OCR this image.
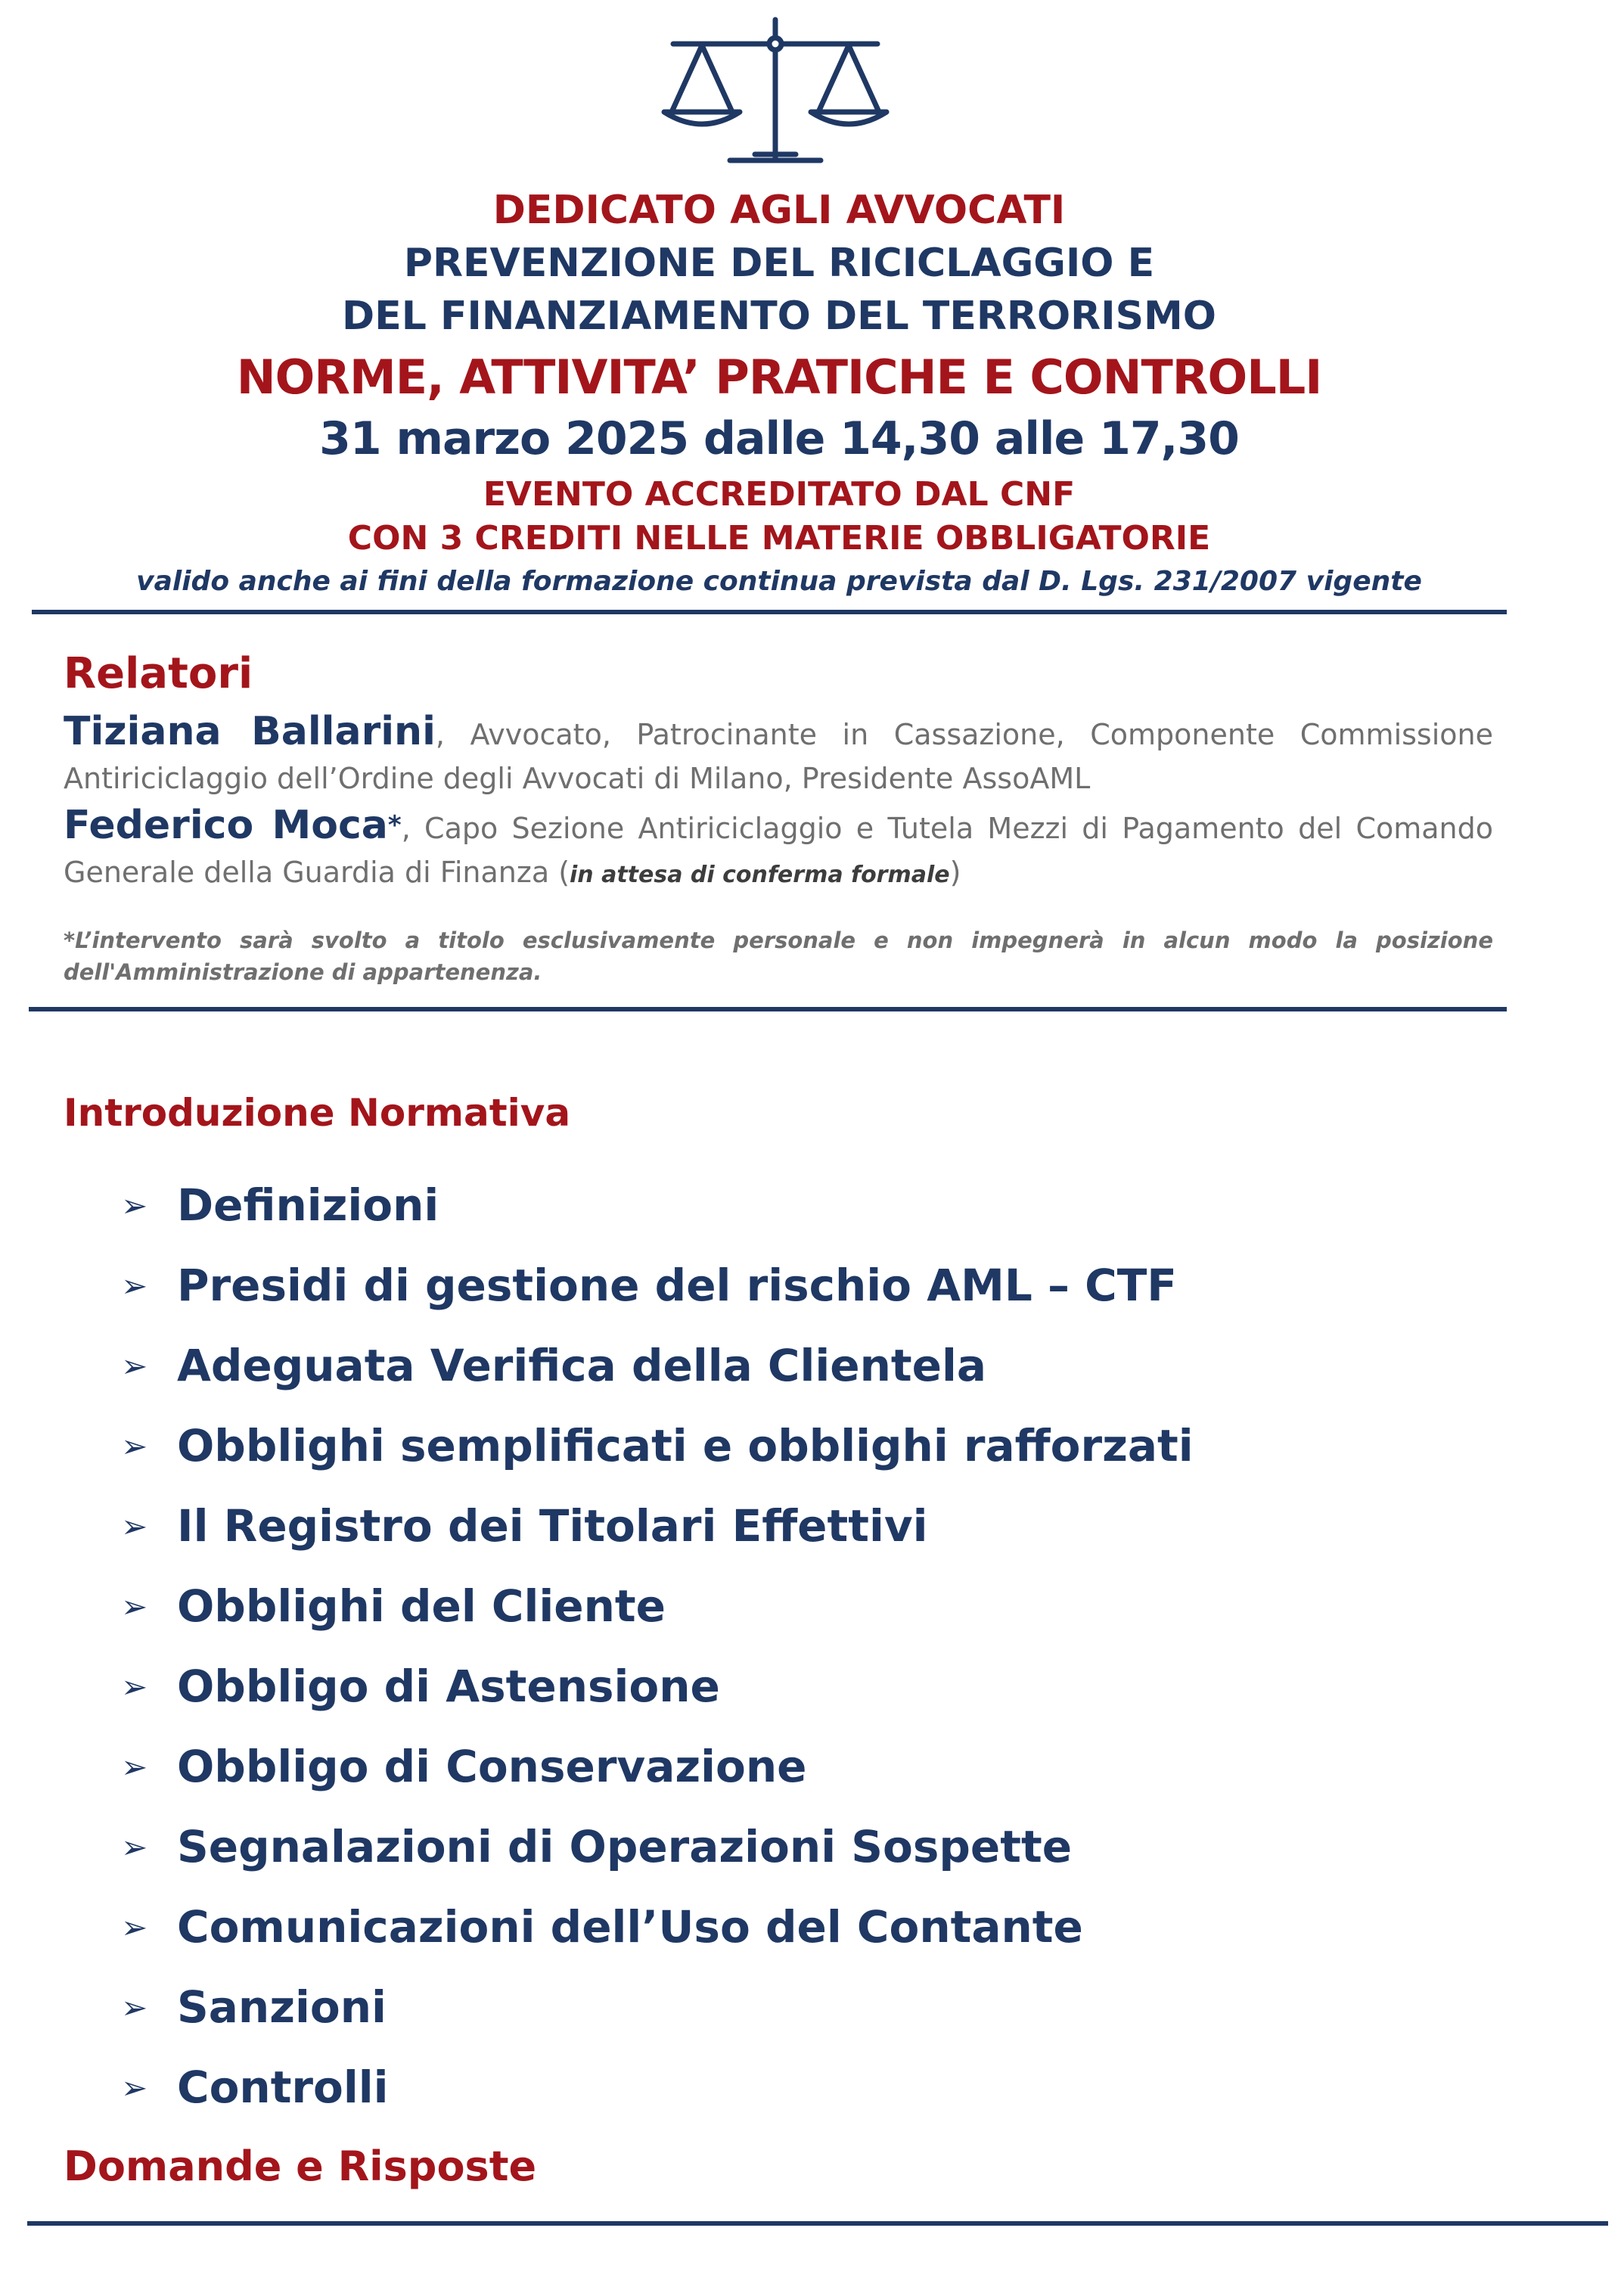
DEDICATO AGLI AVVOCATI
PREVENZIONE DEL RICICLAGGIO E
DEL FINANZIAMENTO DEL TERRORISMO
NORME, ATTIVITA’ PRATICHE E CONTROLLI
31 marzo 2025 dalle 14,30 alle 17,30
EVENTO ACCREDITATO DAL CNF
CON 3 CREDITI NELLE MATERIE OBBLIGATORIE
valido anche ai fini della formazione continua prevista dal D. Lgs. 231/2007 vigente
Relatori
Tiziana Ballarini, Avvocato, Patrocinante in Cassazione, Componente Commissione Antiriciclaggio dell’Ordine degli Avvocati di Milano, Presidente AssoAML
Federico Moca*, Capo Sezione Antiriciclaggio e Tutela Mezzi di Pagamento del Comando Generale della Guardia di Finanza (in attesa di conferma formale)
*L’intervento sarà svolto a titolo esclusivamente personale e non impegnerà in alcun modo la posizione dell'Amministrazione di appartenenza.
Introduzione Normativa
➢ Definizioni
➢ Presidi di gestione del rischio AML – CTF
➢ Adeguata Verifica della Clientela
➢ Obblighi semplificati e obblighi rafforzati
➢ Il Registro dei Titolari Effettivi
➢ Obblighi del Cliente
➢ Obbligo di Astensione
➢ Obbligo di Conservazione
➢ Segnalazioni di Operazioni Sospette
➢ Comunicazioni dell’Uso del Contante
➢ Sanzioni
➢ Controlli
Domande e Risposte
